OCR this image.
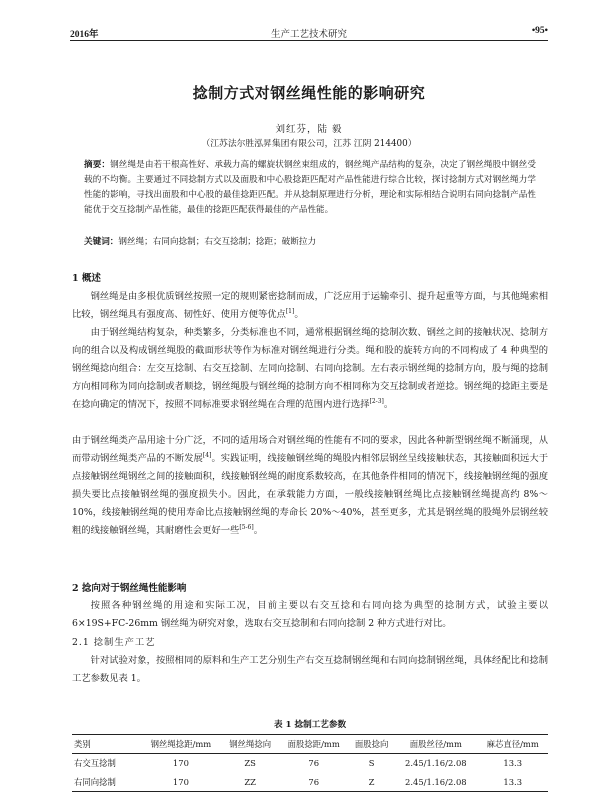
2016年	生产工艺技术研究	•95•
捻制方式对钢丝绳性能的影响研究
刘红芬，陆 毅
（江苏法尔胜泓昇集团有限公司，江苏 江阴 214400）
摘要：钢丝绳是由若干根高性好、承载力高的螺旋状钢丝束组成的，钢丝绳产品结构的复杂，决定了钢丝绳股中钢丝受载的不均衡。主要通过不同捻制方式以及面股和中心股捻距匹配对产品性能进行综合比较，探讨捻制方式对钢丝绳力学性能的影响，寻找出面股和中心股的最佳捻距匹配。并从捻制原理进行分析，理论和实际相结合说明右同向捻制产品性能优于交互捻制产品性能，最佳的捻距匹配获得最佳的产品性能。
关键词：钢丝绳；右同向捻制；右交互捻制；捻距；破断拉力
1 概述
钢丝绳是由多根优质钢丝按照一定的规则紧密捻制而成，广泛应用于运输牵引、提升起重等方面，与其他绳索相比较，钢丝绳具有强度高、韧性好、使用方便等优点[1]。
由于钢丝绳结构复杂，种类繁多，分类标准也不同，通常根据钢丝绳的捻制次数、钢丝之间的接触状况、捻制方向的组合以及构成钢丝绳股的截面形状等作为标准对钢丝绳进行分类。绳和股的旋转方向的不同构成了 4 种典型的钢丝绳捻向组合：左交互捻制、右交互捻制、左同向捻制、右同向捻制。左右表示钢丝绳的捻制方向，股与绳的捻制方向相同称为同向捻制或者顺捻，钢丝绳股与钢丝绳的捻制方向不相同称为交互捻制或者逆捻。钢丝绳的捻距主要是在捻向确定的情况下，按照不同标准要求钢丝绳在合理的范围内进行选择[2-3]。
由于钢丝绳类产品用途十分广泛，不同的适用场合对钢丝绳的性能有不同的要求，因此各种新型钢丝绳不断涌现，从而带动钢丝绳类产品的不断发展[4]。实践证明，线接触钢丝绳的绳股内相邻层钢丝呈线接触状态，其接触面积远大于点接触钢丝绳钢丝之间的接触面积，线接触钢丝绳的耐度系数较高，在其他条件相同的情况下，线接触钢丝绳的强度损失要比点接触钢丝绳的强度损失小。因此，在承载能力方面，一般线接触钢丝绳比点接触钢丝绳提高约 8%～10%，线接触钢丝绳的使用寿命比点接触钢丝绳的寿命长 20%～40%，甚至更多，尤其是钢丝绳的股绳外层钢丝较粗的线接触钢丝绳，其耐磨性会更好一些[5-6]。
2 捻向对于钢丝绳性能影响
按照各种钢丝绳的用途和实际工况，目前主要以右交互捻和右同向捻为典型的捻制方式，试验主要以 6×19S+FC-26mm 钢丝绳为研究对象，选取右交互捻制和右同向捻制 2 种方式进行对比。
2.1 捻制生产工艺
针对试验对象，按照相同的原料和生产工艺分别生产右交互捻制钢丝绳和右同向捻制钢丝绳，具体经配比和捻制工艺参数见表 1。
表 1 捻制工艺参数
类别	钢丝绳捻距/mm	钢丝绳捻向	面股捻距/mm	面股捻向	面股丝径/mm	麻芯直径/mm
右交互捻制	170	ZS	76	S	2.45/1.16/2.08	13.3
右同向捻制	170	ZZ	76	Z	2.45/1.16/2.08	13.3
